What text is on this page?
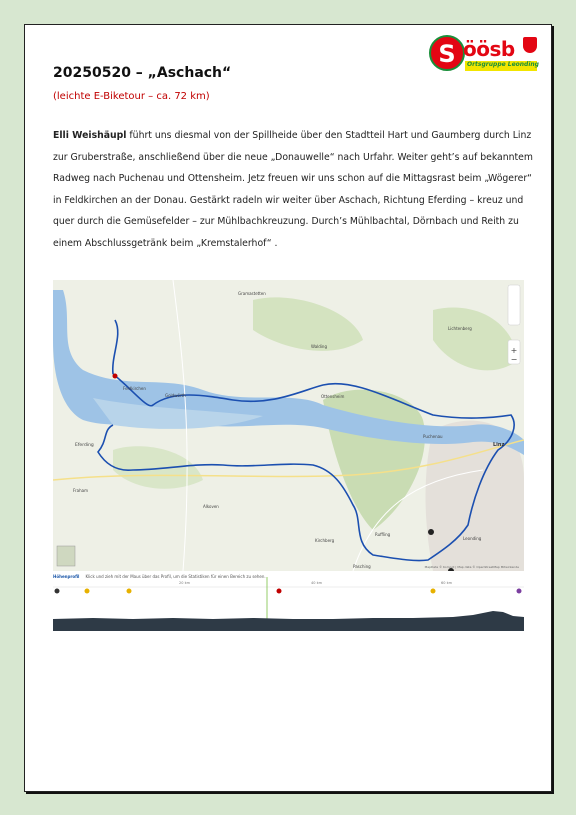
S öösb
Ortsgruppe Leonding
20250520 – „Aschach“
(leichte E-Biketour – ca. 72 km)

Elli Weishäupl führt uns diesmal von der Spillheide über den Stadtteil Hart und Gaumberg durch Linz zur Gruberstraße, anschließend über die neue „Donauwelle“ nach Urfahr. Weiter geht’s auf bekanntem Radweg nach Puchenau und Ottensheim. Jetz freuen wir uns schon auf die Mittagsrast beim „Wögerer“ in Feldkirchen an der Donau. Gestärkt radeln wir weiter über Aschach, Richtung Eferding – kreuz und quer durch die Gemüsefelder – zur Mühlbachkreuzung. Durch’s Mühlbachtal, Dörnbach und Reith zu einem Abschlussgetränk beim „Kremstalerhof“ .

+
−
Eferding	Linz
Goldwörth	Ottensheim
Feldkirchen
Walding
Puchenau
Lichtenberg
Kirchberg	Leonding
Pasching
Ruffling
Alkoven
Fraham
Gramastetten
MapData © Komoot | Map data © OpenStreetMap Mitwirkende
Höhenprofil Klick und zieh mit der Maus über das Profil, um die Statistiken für einen Bereich zu sehen.
20 km	40 km	60 km
